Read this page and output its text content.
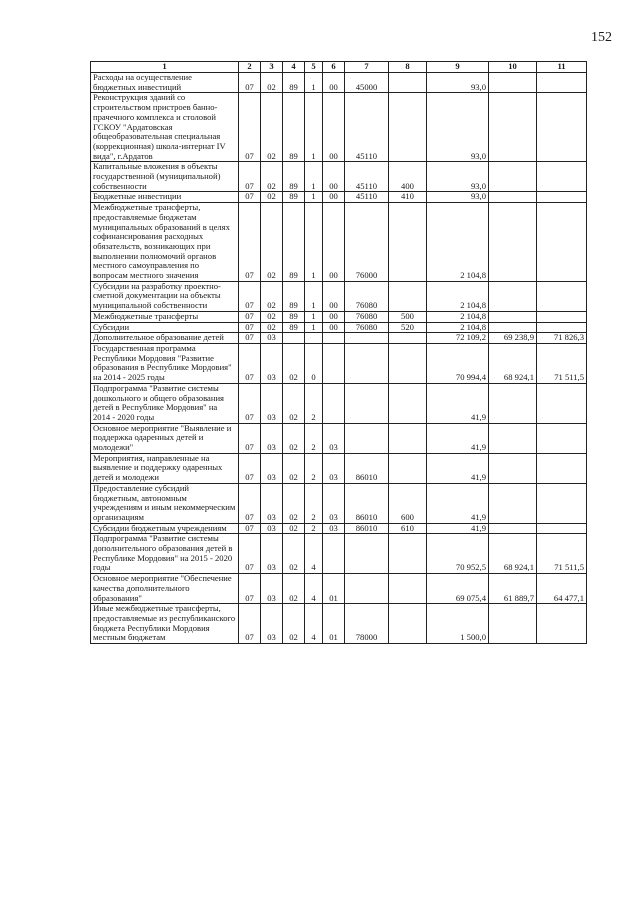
152
1	2	3	4	5	6	7	8	9	10	11
Расходы на осуществление бюджетных инвестиций	07	02	89	1	00	45000		93,0		
Реконструкция зданий со строительством пристроев банно-прачечного комплекса и столовой ГСКОУ "Ардатовская общеобразовательная специальная (коррекционная) школа-интернат IV вида", г.Ардатов	07	02	89	1	00	45110		93,0		
Капитальные вложения в объекты государственной (муниципальной) собственности	07	02	89	1	00	45110	400	93,0		
Бюджетные инвестиции	07	02	89	1	00	45110	410	93,0		
Межбюджетные трансферты, предоставляемые бюджетам муниципальных образований в целях софинансирования расходных обязательств, возникающих при выполнении полномочий органов местного самоуправления по вопросам местного значения	07	02	89	1	00	76000		2 104,8		
Субсидии на разработку проектно-сметной документации на объекты муниципальной собственности	07	02	89	1	00	76080		2 104,8		
Межбюджетные трансферты	07	02	89	1	00	76080	500	2 104,8		
Субсидии	07	02	89	1	00	76080	520	2 104,8		
Дополнительное образование детей	07	03						72 109,2	69 238,9	71 826,3
Государственная программа Республики Мордовия "Развитие образования в Республике Мордовия" на 2014 - 2025 годы	07	03	02	0				70 994,4	68 924,1	71 511,5
Подпрограмма "Развитие системы дошкольного и общего образования детей в Республике Мордовия" на 2014 - 2020 годы	07	03	02	2				41,9		
Основное мероприятие "Выявление и поддержка одаренных детей и молодежи"	07	03	02	2	03			41,9		
Мероприятия, направленные на выявление и поддержку одаренных детей и молодежи	07	03	02	2	03	86010		41,9		
Предоставление субсидий бюджетным, автономным учреждениям и иным некоммерческим организациям	07	03	02	2	03	86010	600	41,9		
Субсидии бюджетным учреждениям	07	03	02	2	03	86010	610	41,9		
Подпрограмма "Развитие системы дополнительного образования детей в Республике Мордовия" на 2015 - 2020 годы	07	03	02	4				70 952,5	68 924,1	71 511,5
Основное мероприятие "Обеспечение качества дополнительного образования"	07	03	02	4	01			69 075,4	61 889,7	64 477,1
Иные межбюджетные трансферты, предоставляемые из республиканского бюджета Республики Мордовия местным бюджетам	07	03	02	4	01	78000		1 500,0		
